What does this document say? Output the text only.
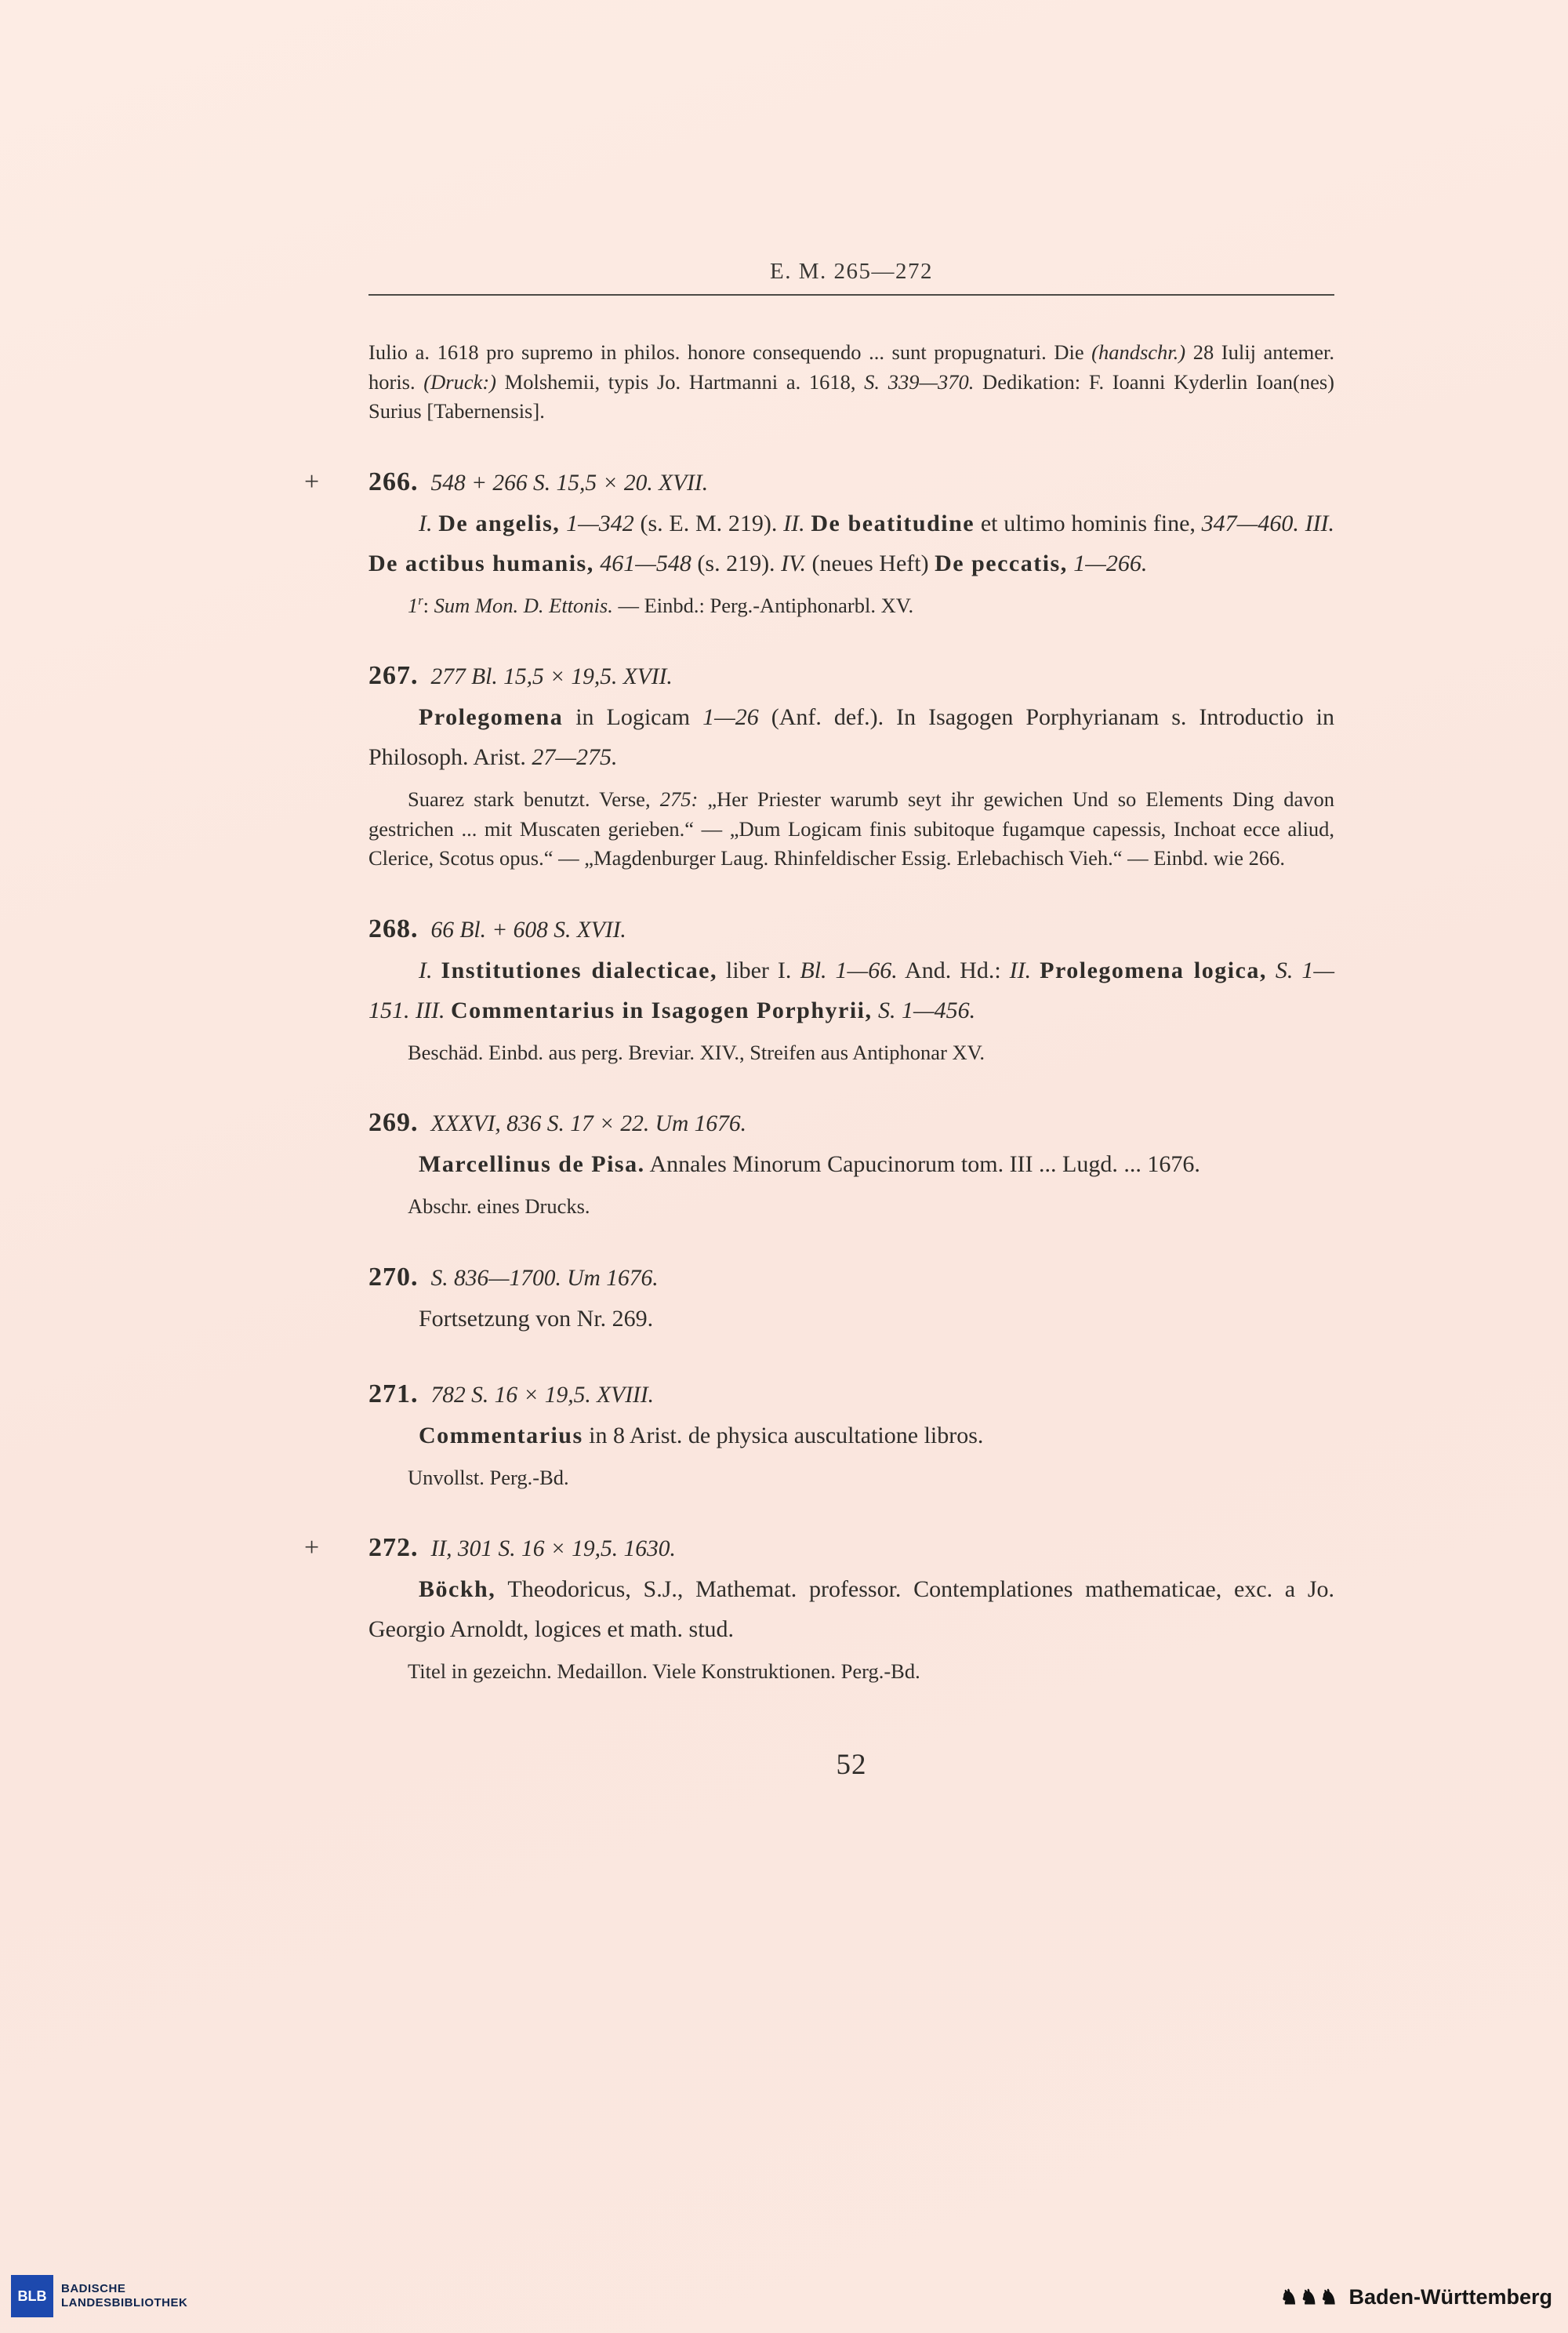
E. M. 265—272

Iulio a. 1618 pro supremo in philos. honore consequendo ... sunt propugnaturi. Die (handschr.) 28 Iulij antemer. horis. (Druck:) Molshemii, typis Jo. Hartmanni a. 1618, S. 339—370. Dedikation: F. Ioanni Kyderlin Ioan(nes) Surius [Tabernensis].

+ 266. 548 + 266 S. 15,5 × 20. XVII.

I. De angelis, 1—342 (s. E. M. 219). II. De beatitudine et ultimo hominis fine, 347—460. III. De actibus humanis, 461—548 (s. 219). IV. (neues Heft) De peccatis, 1—266.

1$^r$: Sum Mon. D. Ettonis. — Einbd.: Perg.-Antiphonarbl. XV.

267. 277 Bl. 15,5 × 19,5. XVII.

Prolegomena in Logicam 1—26 (Anf. def.). In Isagogen Porphyrianam s. Introductio in Philosoph. Arist. 27—275.

Suarez stark benutzt. Verse, 275: „Her Priester warumb seyt ihr gewichen Und so Elements Ding davon gestrichen ... mit Muscaten gerieben.“ — „Dum Logicam finis subitoque fugamque capessis, Inchoat ecce aliud, Clerice, Scotus opus.“ — „Magdenburger Laug. Rhinfeldischer Essig. Erlebachisch Vieh.“ — Einbd. wie 266.

268. 66 Bl. + 608 S. XVII.

I. Institutiones dialecticae, liber I. Bl. 1—66. And. Hd.: II. Prolegomena logica, S. 1—151. III. Commentarius in Isagogen Porphyrii, S. 1—456.

Beschäd. Einbd. aus perg. Breviar. XIV., Streifen aus Antiphonar XV.

269. XXXVI, 836 S. 17 × 22. Um 1676.

Marcellinus de Pisa. Annales Minorum Capucinorum tom. III ... Lugd. ... 1676.

Abschr. eines Drucks.

270. S. 836—1700. Um 1676.

Fortsetzung von Nr. 269.

271. 782 S. 16 × 19,5. XVIII.

Commentarius in 8 Arist. de physica auscultatione libros.

Unvollst. Perg.-Bd.

+ 272. II, 301 S. 16 × 19,5. 1630.

Böckh, Theodoricus, S.J., Mathemat. professor. Contemplationes mathematicae, exc. a Jo. Georgio Arnoldt, logices et math. stud.

Titel in gezeichn. Medaillon. Viele Konstruktionen. Perg.-Bd.

52
BLB BADISCHE
LANDESBIBLIOTHEK	♞♞♞ Baden-Württemberg
